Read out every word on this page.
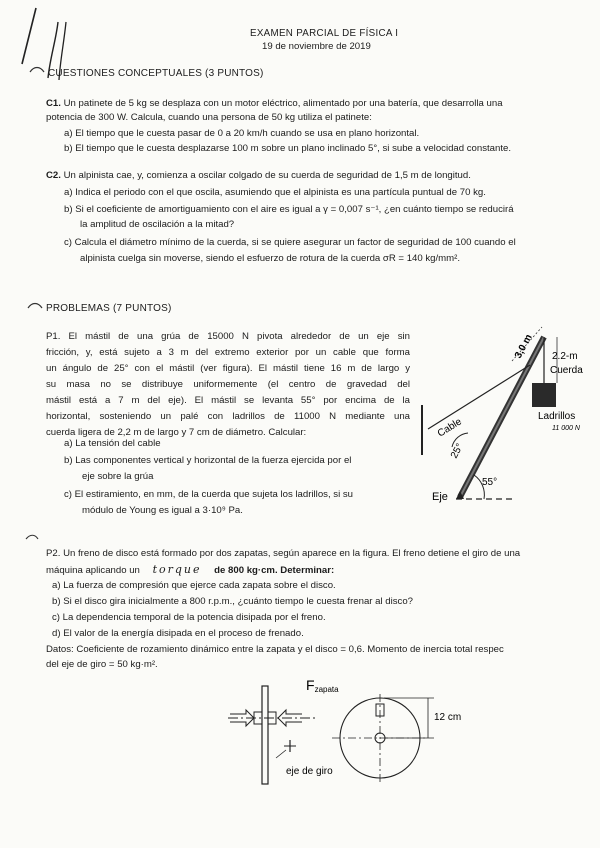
EXAMEN PARCIAL DE FÍSICA I
19 de noviembre de 2019
CUESTIONES CONCEPTUALES (3 PUNTOS)
C1. Un patinete de 5 kg se desplaza con un motor eléctrico, alimentado por una batería, que desarrolla una
potencia de 300 W. Calcula, cuando una persona de 50 kg utiliza el patinete:
a) El tiempo que le cuesta pasar de 0 a 20 km/h cuando se usa en plano horizontal.
b) El tiempo que le cuesta desplazarse 100 m sobre un plano inclinado 5°, si sube a velocidad constante.
C2. Un alpinista cae, y, comienza a oscilar colgado de su cuerda de seguridad de 1,5 m de longitud.
a) Indica el periodo con el que oscila, asumiendo que el alpinista es una partícula puntual de 70 kg.
b) Si el coeficiente de amortiguamiento con el aire es igual a γ = 0,007 s⁻¹, ¿en cuánto tiempo se reducirá
la amplitud de oscilación a la mitad?
c) Calcula el diámetro mínimo de la cuerda, si se quiere asegurar un factor de seguridad de 100 cuando el
alpinista cuelga sin moverse, siendo el esfuerzo de rotura de la cuerda σR = 140 kg/mm².
PROBLEMAS (7 PUNTOS)
P1. El mástil de una grúa de 15000 N pivota alrededor de un eje sin
fricción, y, está sujeto a 3 m del extremo exterior por un cable que forma
un ángulo de 25° con el mástil (ver figura). El mástil tiene 16 m de largo y
su masa no se distribuye uniformemente (el centro de gravedad del
mástil está a 7 m del eje). El mástil se levanta 55° por encima de la
horizontal, sosteniendo un palé con ladrillos de 11000 N mediante una
cuerda ligera de 2,2 m de largo y 7 cm de diámetro. Calcular:
a) La tensión del cable
b) Las componentes vertical y horizontal de la fuerza ejercida por el
eje sobre la grúa
c) El estiramiento, en mm, de la cuerda que sujeta los ladrillos, si su
módulo de Young es igual a 3·10⁹ Pa.
3,0 m 2.2-m
Cuerda
Ladrillos
11 000 N
Cable
25°
55°
Eje
P2. Un freno de disco está formado por dos zapatas, según aparece en la figura. El freno detiene el giro de una
máquina aplicando un torque de 800 kg·cm. Determinar:
a) La fuerza de compresión que ejerce cada zapata sobre el disco.
b) Si el disco gira inicialmente a 800 r.p.m., ¿cuánto tiempo le cuesta frenar al disco?
c) La dependencia temporal de la potencia disipada por el freno.
d) El valor de la energía disipada en el proceso de frenado.
Datos: Coeficiente de rozamiento dinámico entre la zapata y el disco = 0,6. Momento de inercia total respec
del eje de giro = 50 kg·m².
Fzapata
12 cm
eje de giro
